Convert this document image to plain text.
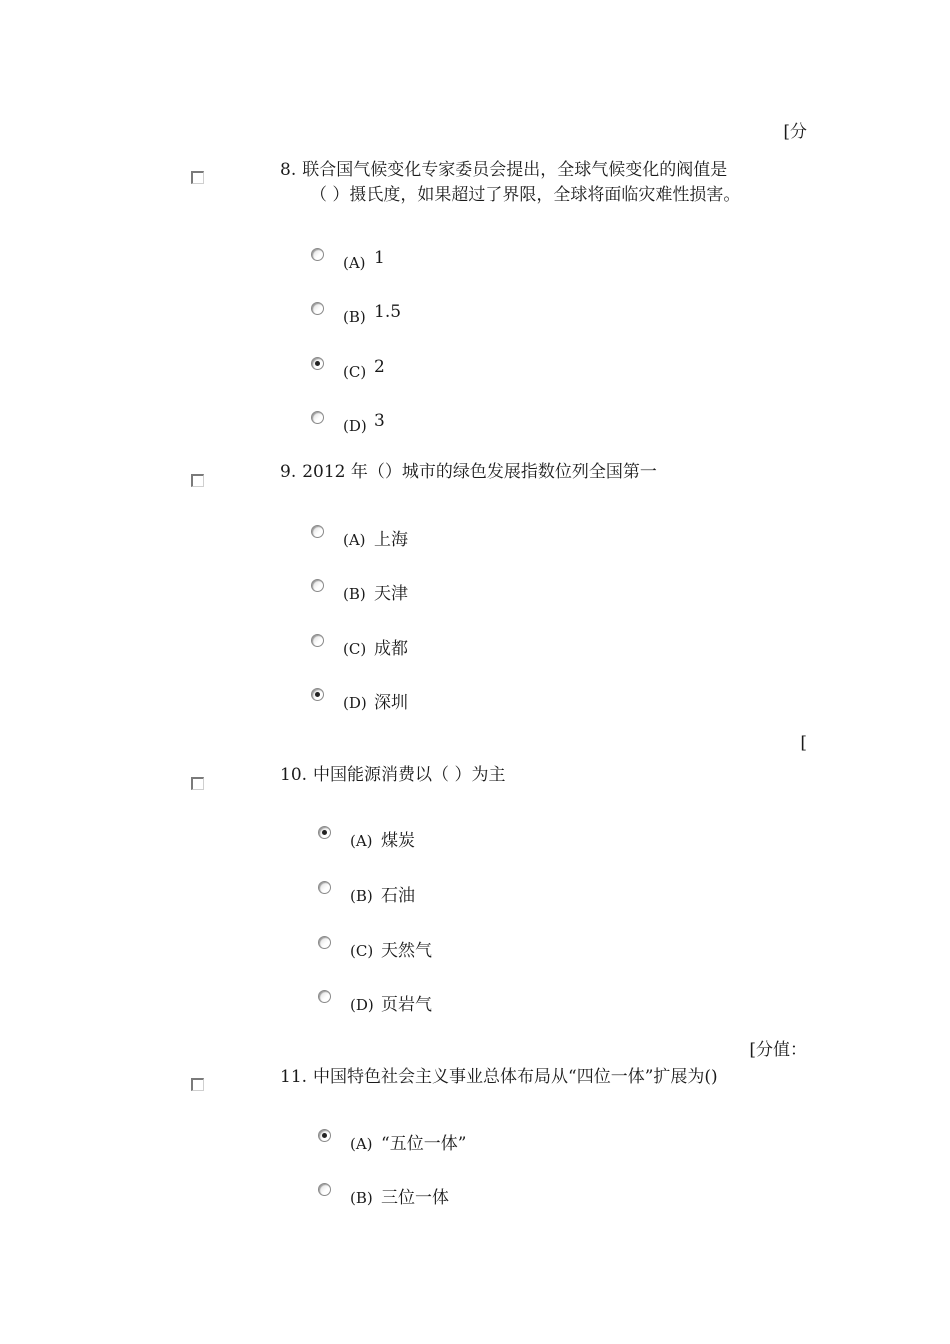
[分
8. 联合国气候变化专家委员会提出，全球气候变化的阀值是
（ ）摄氏度，如果超过了界限，全球将面临灾难性损害。
(A) 1
(B) 1.5
(C) 2
(D) 3
9. 2012 年（）城市的绿色发展指数位列全国第一
(A) 上海
(B) 天津
(C) 成都
(D) 深圳
[
10. 中国能源消费以（ ）为主
(A) 煤炭
(B) 石油
(C) 天然气
(D) 页岩气
[分值：
11. 中国特色社会主义事业总体布局从“四位一体”扩展为()
(A) “五位一体”
(B) 三位一体
